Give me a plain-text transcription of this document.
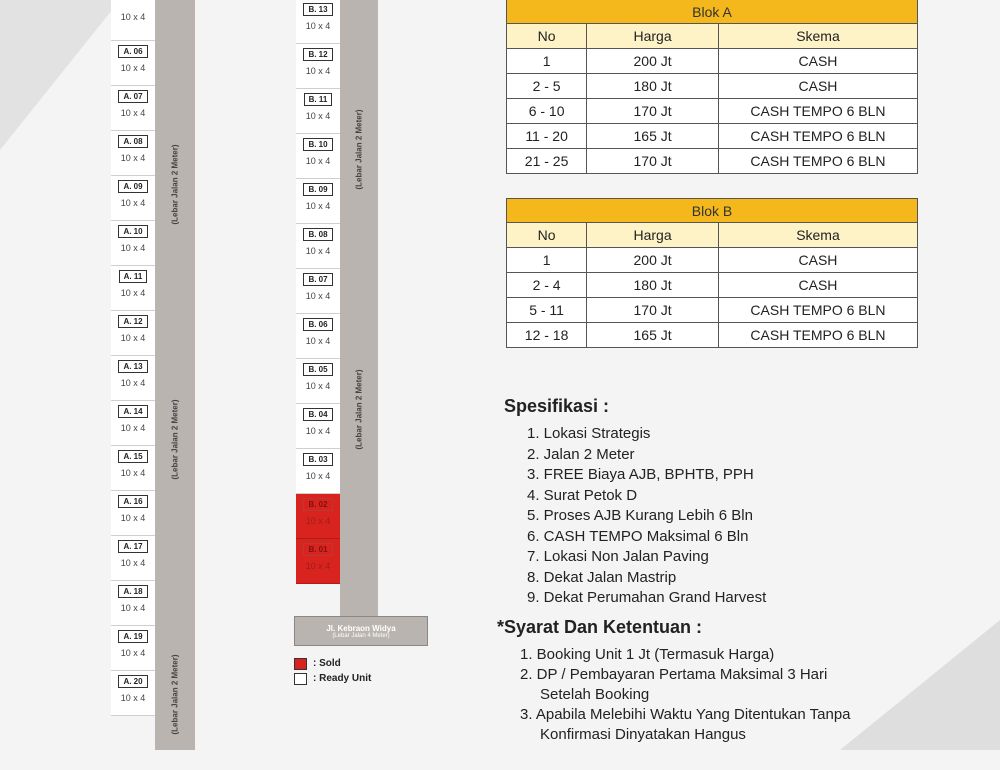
(Lebar Jalan 2 Meter)
(Lebar Jalan 2 Meter)
(Lebar Jalan 2 Meter)
(Lebar Jalan 2 Meter)
(Lebar Jalan 2 Meter)
10 x 4
A. 06
10 x 4
A. 07
10 x 4
A. 08
10 x 4
A. 09
10 x 4
A. 10
10 x 4
A. 11
10 x 4
A. 12
10 x 4
A. 13
10 x 4
A. 14
10 x 4
A. 15
10 x 4
A. 16
10 x 4
A. 17
10 x 4
A. 18
10 x 4
A. 19
10 x 4
A. 20
10 x 4
B. 13
10 x 4
B. 12
10 x 4
B. 11
10 x 4
B. 10
10 x 4
B. 09
10 x 4
B. 08
10 x 4
B. 07
10 x 4
B. 06
10 x 4
B. 05
10 x 4
B. 04
10 x 4
B. 03
10 x 4
B. 02
10 x 4
B. 01
10 x 4
Jl. Kebraon Widya
(Lebar Jalan 4 Meter)
: Sold
: Ready Unit
Blok A		
No	Harga	Skema
1	200 Jt	CASH
2 - 5	180 Jt	CASH
6 - 10	170 Jt	CASH TEMPO 6 BLN
11 - 20	165 Jt	CASH TEMPO 6 BLN
21 - 25	170 Jt	CASH TEMPO 6 BLN
Blok B		
No	Harga	Skema
1	200 Jt	CASH
2 - 4	180 Jt	CASH
5 - 11	170 Jt	CASH TEMPO 6 BLN
12 - 18	165 Jt	CASH TEMPO 6 BLN
Spesifikasi :
1. Lokasi Strategis
2. Jalan 2 Meter
3. FREE Biaya AJB, BPHTB, PPH
4. Surat Petok D
5. Proses AJB Kurang Lebih 6 Bln
6. CASH TEMPO Maksimal 6 Bln
7. Lokasi Non Jalan Paving
8. Dekat Jalan Mastrip
9. Dekat Perumahan Grand Harvest
*Syarat Dan Ketentuan :
1. Booking Unit 1 Jt (Termasuk Harga)
2. DP / Pembayaran Pertama Maksimal 3 Hari
Setelah Booking
3. Apabila Melebihi Waktu Yang Ditentukan Tanpa
Konfirmasi Dinyatakan Hangus
